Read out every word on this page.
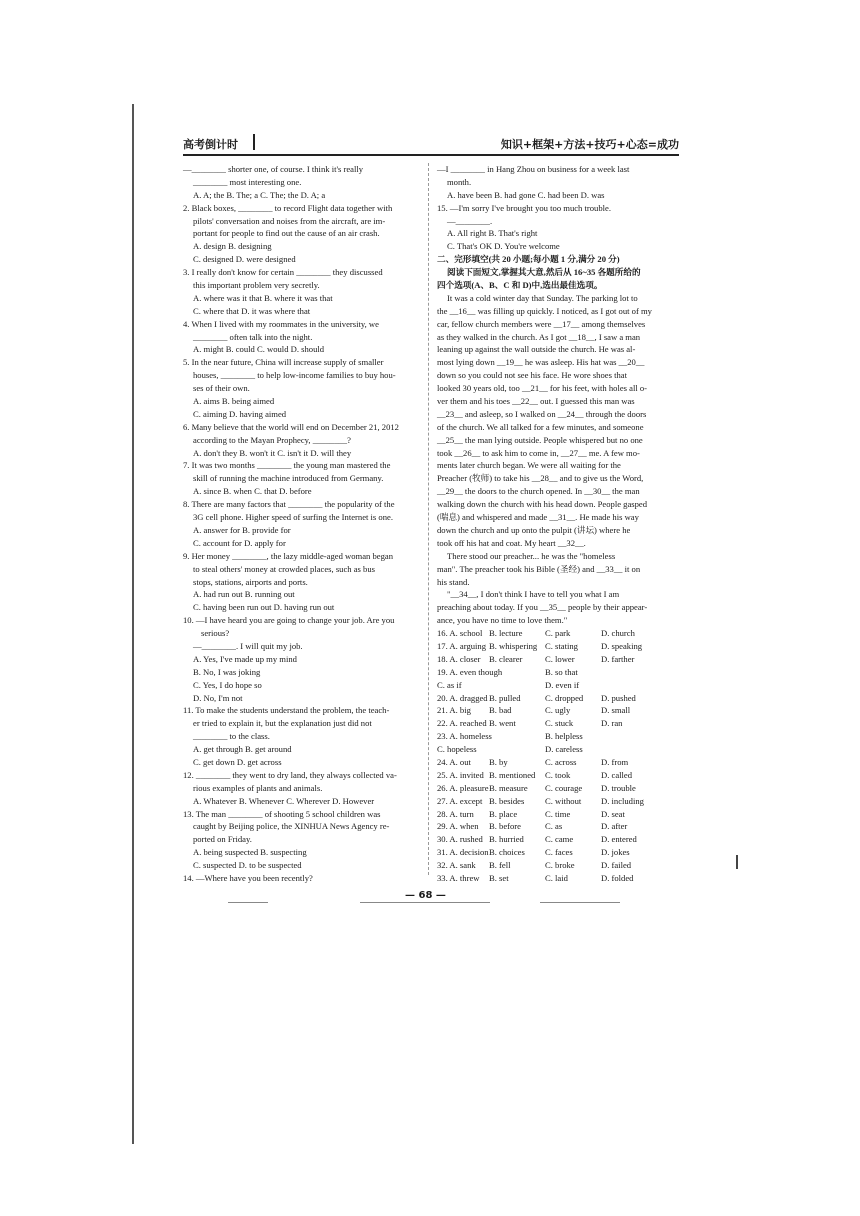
高考倒计时	知识+框架+方法+技巧+心态=成功
—________ shorter one, of course. I think it's really
________ most interesting one.
A. A; the B. The; a C. The; the D. A; a
2. Black boxes, ________ to record Flight data together with
pilots' conversation and noises from the aircraft, are im-
portant for people to find out the cause of an air crash.
A. design B. designing
C. designed D. were designed
3. I really don't know for certain ________ they discussed
this important problem very secretly.
A. where was it that B. where it was that
C. where that D. it was where that
4. When I lived with my roommates in the university, we
________ often talk into the night.
A. might B. could C. would D. should
5. In the near future, China will increase supply of smaller
houses, ________ to help low-income families to buy hou-
ses of their own.
A. aims B. being aimed
C. aiming D. having aimed
6. Many believe that the world will end on December 21, 2012
according to the Mayan Prophecy, ________?
A. don't they B. won't it C. isn't it D. will they
7. It was two months ________ the young man mastered the
skill of running the machine introduced from Germany.
A. since B. when C. that D. before
8. There are many factors that ________ the popularity of the
3G cell phone. Higher speed of surfing the Internet is one.
A. answer for B. provide for
C. account for D. apply for
9. Her money ________, the lazy middle-aged woman began
to steal others' money at crowded places, such as bus
stops, stations, airports and ports.
A. had run out B. running out
C. having been run out D. having run out
10. —I have heard you are going to change your job. Are you
serious?
—________. I will quit my job.
A. Yes, I've made up my mind
B. No, I was joking
C. Yes, I do hope so
D. No, I'm not
11. To make the students understand the problem, the teach-
er tried to explain it, but the explanation just did not
________ to the class.
A. get through B. get around
C. get down D. get across
12. ________ they went to dry land, they always collected va-
rious examples of plants and animals.
A. Whatever B. Whenever C. Wherever D. However
13. The man ________ of shooting 5 school children was
caught by Beijing police, the XINHUA News Agency re-
ported on Friday.
A. being suspected B. suspecting
C. suspected D. to be suspected
14. —Where have you been recently?
—I ________ in Hang Zhou on business for a week last
month.
A. have been B. had gone C. had been D. was
15. —I'm sorry I've brought you too much trouble.
—________.
A. All right B. That's right
C. That's OK D. You're welcome
二、完形填空(共 20 小题;每小题 1 分,满分 20 分)
阅读下面短文,掌握其大意,然后从 16~35 各题所给的
四个选项(A、B、C 和 D)中,选出最佳选项。
It was a cold winter day that Sunday. The parking lot to
the __16__ was filling up quickly. I noticed, as I got out of my
car, fellow church members were __17__ among themselves
as they walked in the church. As I got __18__, I saw a man
leaning up against the wall outside the church. He was al-
most lying down __19__ he was asleep. His hat was __20__
down so you could not see his face. He wore shoes that
looked 30 years old, too __21__ for his feet, with holes all o-
ver them and his toes __22__ out. I guessed this man was
__23__ and asleep, so I walked on __24__ through the doors
of the church. We all talked for a few minutes, and someone
__25__ the man lying outside. People whispered but no one
took __26__ to ask him to come in, __27__ me. A few mo-
ments later church began. We were all waiting for the
Preacher (牧师) to take his __28__ and to give us the Word,
__29__ the doors to the church opened. In __30__ the man
walking down the church with his head down. People gasped
(喘息) and whispered and made __31__. He made his way
down the church and up onto the pulpit (讲坛) where he
took off his hat and coat. My heart __32__.
There stood our preacher... he was the "homeless
man". The preacher took his Bible (圣经) and __33__ it on
his stand.
"__34__, I don't think I have to tell you what I am
preaching about today. If you __35__ people by their appear-
ance, you have no time to love them."
16. A. school B. lecture	C. park	D. church
17. A. arguing B. whispering C. stating	D. speaking
18. A. closer B. clearer	C. lower	D. farther
19. A. even though	B. so that
C. as if	D. even if
20. A. draggedB. pulled	C. dropped D. pushed
21. A. big B. bad	C. ugly	D. small
22. A. reached B. went	C. stuck	D. ran
23. A. homeless	B. helpless
C. hopeless	D. careless
24. A. out B. by	C. across	D. from
25. A. invited B. mentioned C. took	D. called
26. A. pleasureB. measure C. courage D. trouble
27. A. except B. besides C. without D. including
28. A. turn B. place	C. time	D. seat
29. A. when B. before	C. as	D. after
30. A. rushed B. hurried C. came	D. entered
31. A. decisionB. choices C. faces	D. jokes
32. A. sank B. fell	C. broke	D. failed
33. A. threw B. set	C. laid	D. folded
— 68 —
